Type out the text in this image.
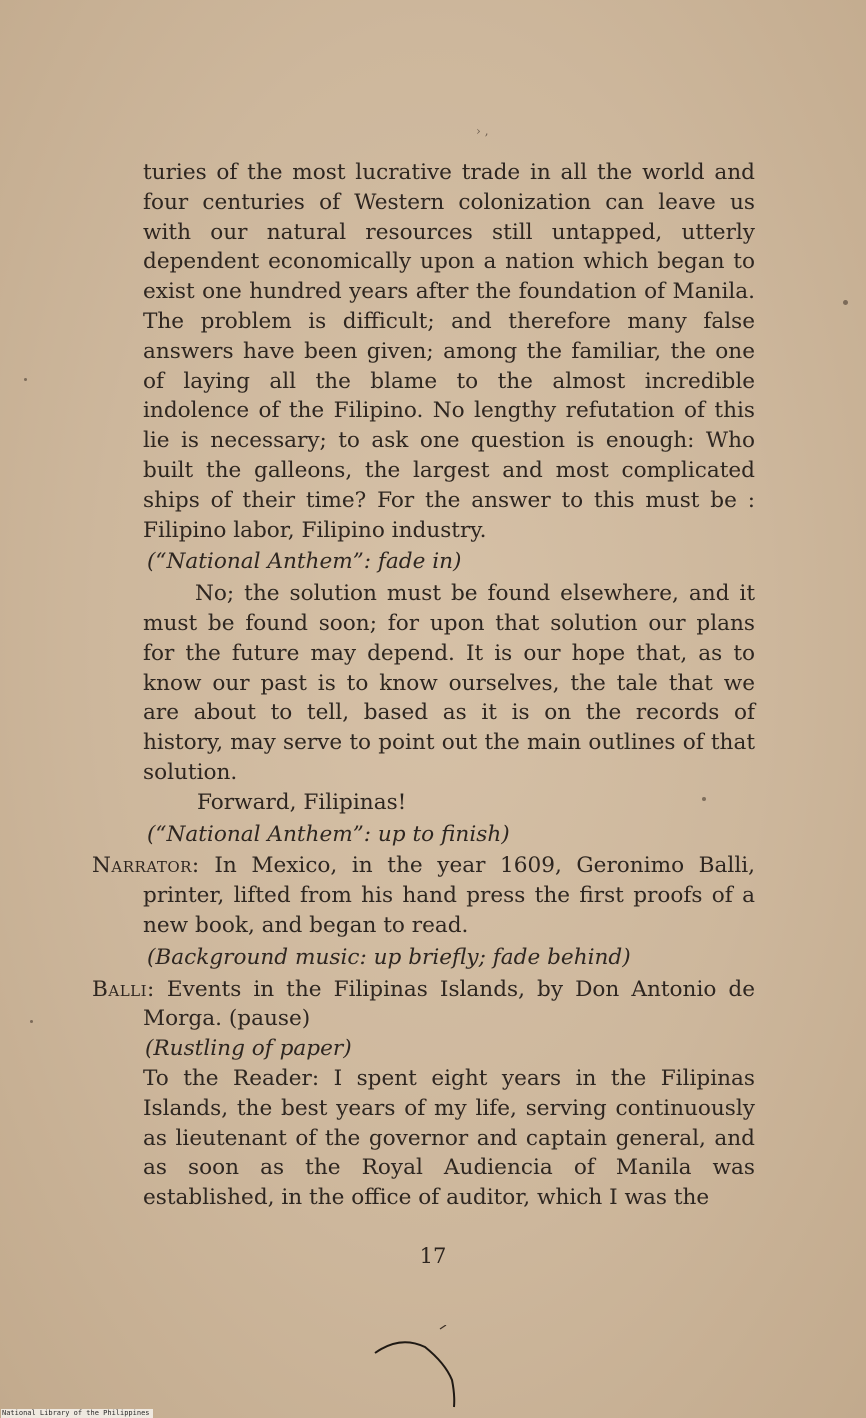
͏› ‚

turies of the most lucrative trade in all the world and four centuries of Western colonization can leave us with our natural resources still untapped, utterly dependent economically upon a nation which began to exist one hundred years after the foundation of Manila. The problem is difficult; and therefore many false answers have been given; among the familiar, the one of laying all the blame to the almost incredible indolence of the Filipino. No lengthy refutation of this lie is necessary; to ask one question is enough: Who built the galleons, the largest and most complicated ships of their time? For the answer to this must be : Filipino labor, Filipino industry.

(“National Anthem”: fade in)

No; the solution must be found elsewhere, and it must be found soon; for upon that solution our plans for the future may depend. It is our hope that, as to know our past is to know ourselves, the tale that we are about to tell, based as it is on the records of history, may serve to point out the main outlines of that solution.

Forward, Filipinas!

(“National Anthem”: up to finish)

Narrator: In Mexico, in the year 1609, Geronimo Balli, printer, lifted from his hand press the first proofs of a new book, and began to read.

(Background music: up briefly; fade behind)

Balli: Events in the Filipinas Islands, by Don Antonio de Morga. (pause)

(Rustling of paper)

To the Reader: I spent eight years in the Filipinas Islands, the best years of my life, serving continuously as lieutenant of the governor and captain general, and as soon as the Royal Audiencia of Manila was established, in the office of auditor, which I was the

17
National Library of the Philippines
